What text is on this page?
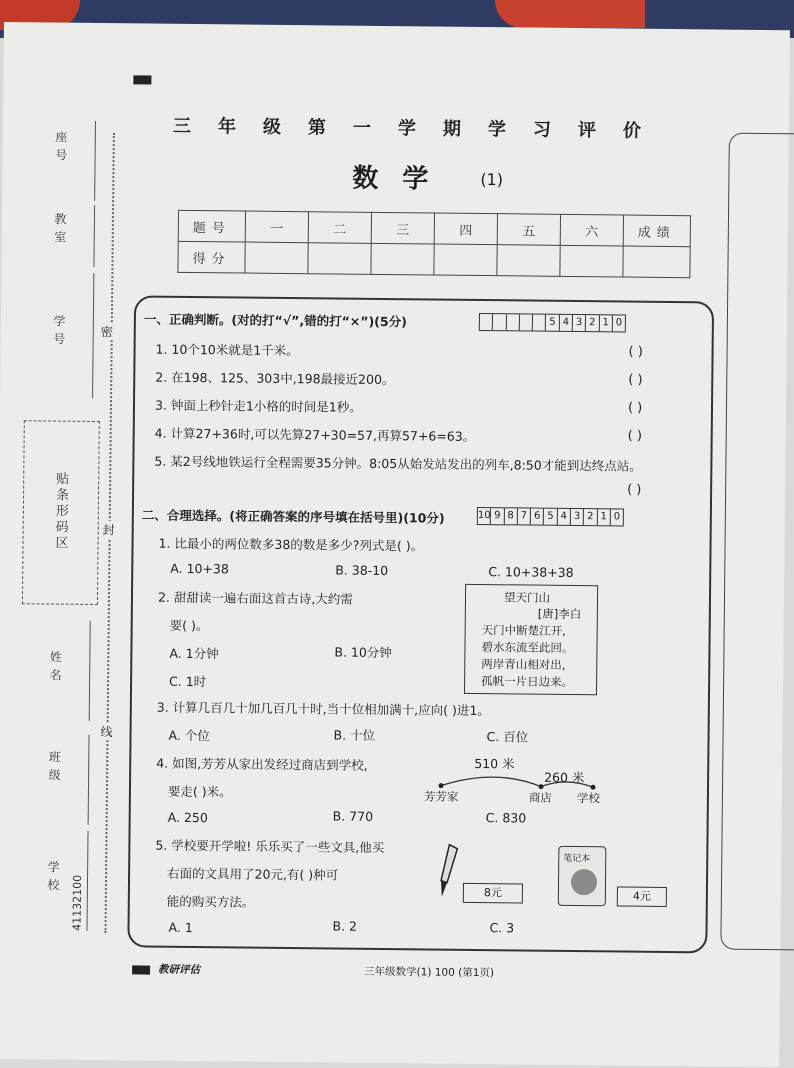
座号
教室
学号
贴条形码区
姓名
班级
学校 41132100
密
封
线
三年级第一学期学习评价
数学 (1)
题号	一	二	三	四	五	六	成绩
得分							
一、正确判断。(对的打“√”,错的打“×”)(5分)	5 4 3 2 1 0
1. 10个10米就是1千米。	( )
2. 在198、125、303中,198最接近200。	( )
3. 钟面上秒针走1小格的时间是1秒。	( )
4. 计算27+36时,可以先算27+30=57,再算57+6=63。	( )
5. 某2号线地铁运行全程需要35分钟。8:05从始发站发出的列车,8:50才能到达终点站。
( )
二、合理选择。(将正确答案的序号填在括号里)(10分)	10 9 8 7 6 5 4 3 2 1 0
1. 比最小的两位数多38的数是多少?列式是( )。
A. 10+38	B. 38-10	C. 10+38+38
2. 甜甜读一遍右面这首古诗,大约需
要( )。
A. 1分钟	B. 10分钟
C. 1时
望天门山
[唐]李白
天门中断楚江开,
碧水东流至此回。
两岸青山相对出,
孤帆一片日边来。
3. 计算几百几十加几百几十时,当十位相加满十,应向( )进1。
A. 个位	B. 十位	C. 百位
4. 如图,芳芳从家出发经过商店到学校,
要走( )米。
A. 250	B. 770	C. 830
510 米
260 米
芳芳家	商店 学校
5. 学校要开学啦! 乐乐买了一些文具,他买
右面的文具用了20元,有( )种可
能的购买方法。
A. 1	B. 2	C. 3
8元
笔记本
4元
教研评估	三年级数学(1) 100 (第1页)
